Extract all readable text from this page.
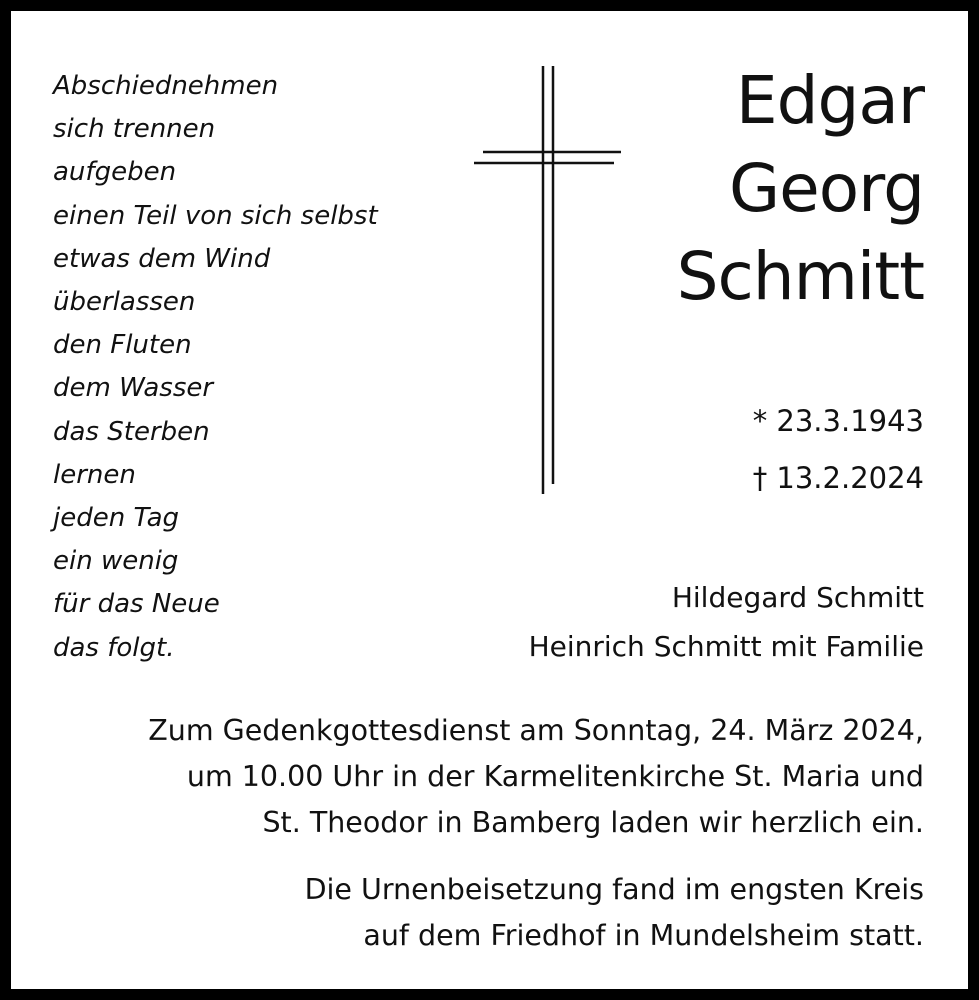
Abschiednehmen
sich trennen
aufgeben
einen Teil von sich selbst
etwas dem Wind
überlassen
den Fluten
dem Wasser
das Sterben
lernen
jeden Tag
ein wenig
für das Neue
das folgt.
Edgar
Georg
Schmitt
* 23.3.1943
† 13.2.2024
Hildegard Schmitt
Heinrich Schmitt mit Familie
Zum Gedenkgottesdienst am Sonntag, 24. März 2024,
um 10.00 Uhr in der Karmelitenkirche St. Maria und
St. Theodor in Bamberg laden wir herzlich ein.
Die Urnenbeisetzung fand im engsten Kreis
auf dem Friedhof in Mundelsheim statt.
